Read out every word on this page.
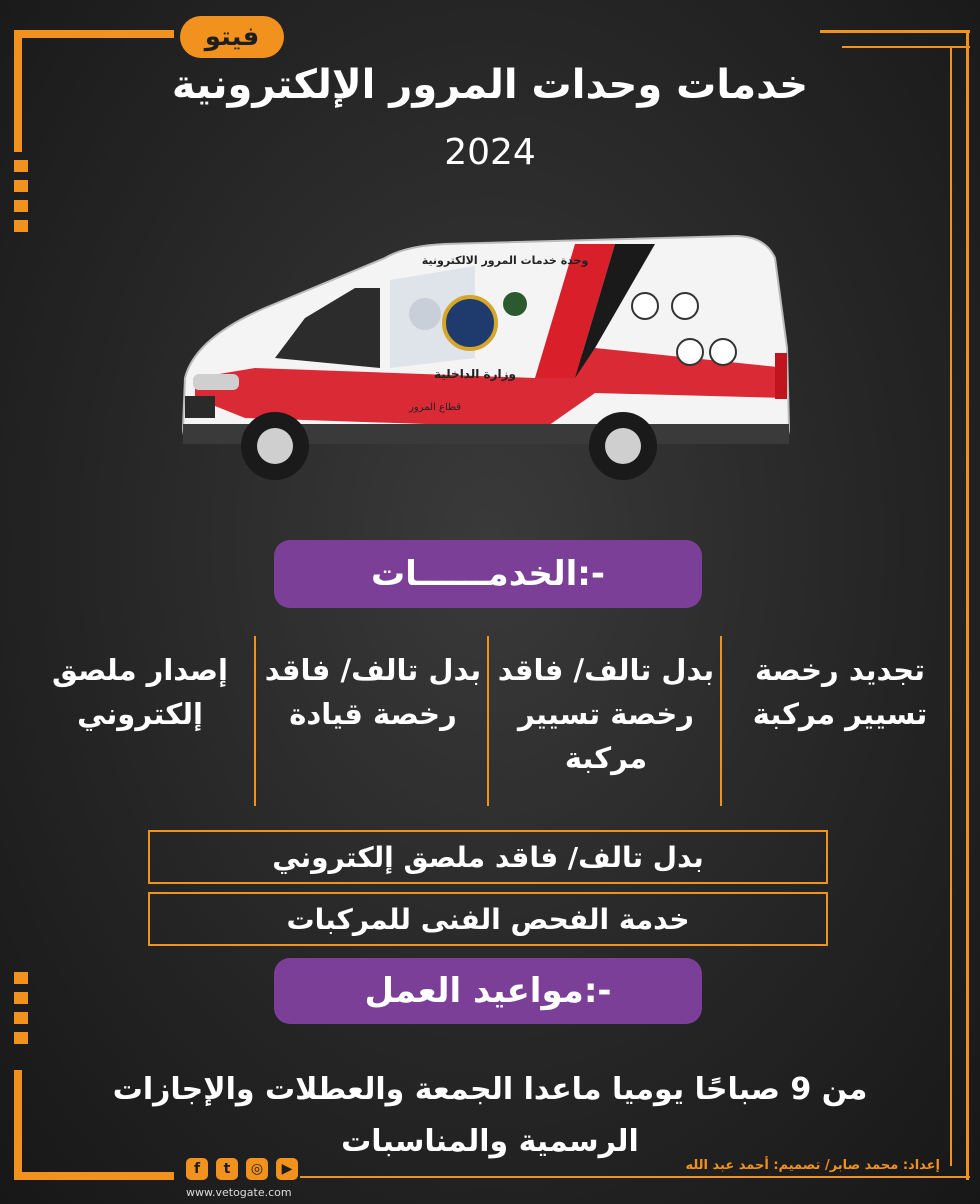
فيتو
خدمات وحدات المرور الإلكترونية
2024
وحدة خدمات المرور الالكترونية
وزارة الداخلية
قطاع المرور
الخدمــــــات:-
تجديد رخصة تسيير مركبة
بدل تالف/ فاقد رخصة تسيير مركبة
بدل تالف/ فاقد رخصة قيادة
إصدار ملصق إلكتروني
بدل تالف/ فاقد ملصق إلكتروني
خدمة الفحص الفنى للمركبات
مواعيد العمل:-
من 9 صباحًا يوميا ماعدا الجمعة والعطلات والإجازات الرسمية والمناسبات
f	t	◎	▶
www.vetogate.com
إعداد: محمد صابر/ تصميم: أحمد عبد الله
